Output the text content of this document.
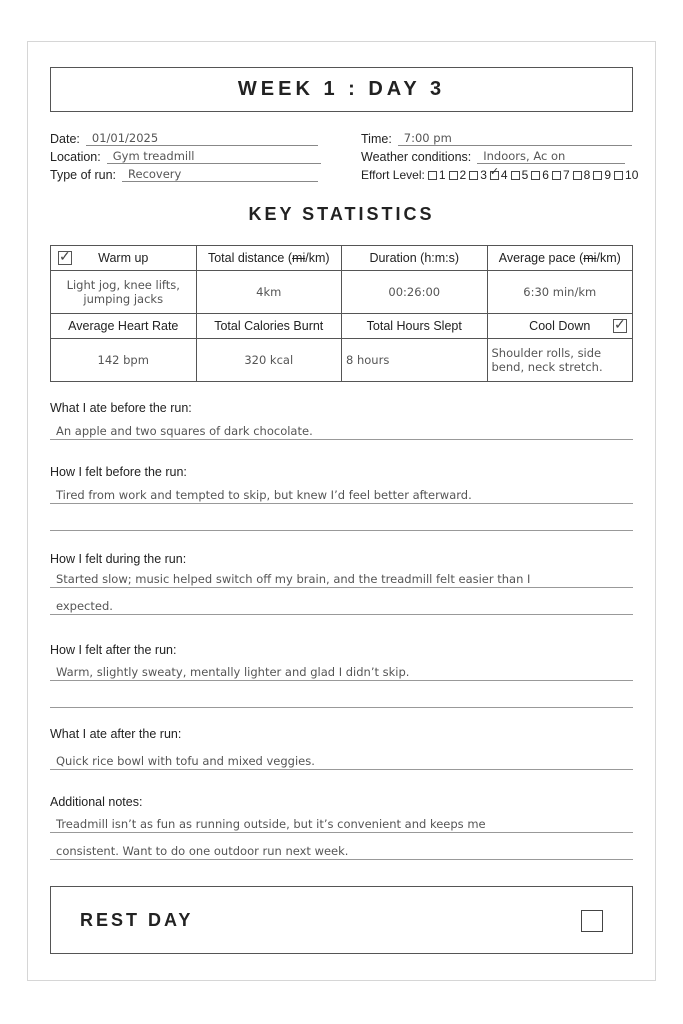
WEEK 1 : DAY 3
Date:	01/01/2025
Location:	Gym treadmill
Type of run:	Recovery
Time:	7:00 pm
Weather conditions:	Indoors, Ac on
Effort Level: 1 2 3 ✓ 4 5 6 7 8 9 10
KEY STATISTICS
✓
Warm up	Total distance (mi/km)	Duration (h:m:s)	Average pace (mi/km)
Light jog, knee lifts, jumping jacks	4km	00:26:00	6:30 min/km
Average Heart Rate	Total Calories Burnt	Total Hours Slept	Cool Down
✓

142 bpm	320 kcal	8 hours	Shoulder rolls, side bend, neck stretch.
What I ate before the run:
An apple and two squares of dark chocolate.
How I felt before the run:
Tired from work and tempted to skip, but knew I’d feel better afterward.
How I felt during the run:
Started slow; music helped switch off my brain, and the treadmill felt easier than I
expected.
How I felt after the run:
Warm, slightly sweaty, mentally lighter and glad I didn’t skip.
What I ate after the run:
Quick rice bowl with tofu and mixed veggies.
Additional notes:
Treadmill isn’t as fun as running outside, but it’s convenient and keeps me
consistent. Want to do one outdoor run next week.
REST DAY
